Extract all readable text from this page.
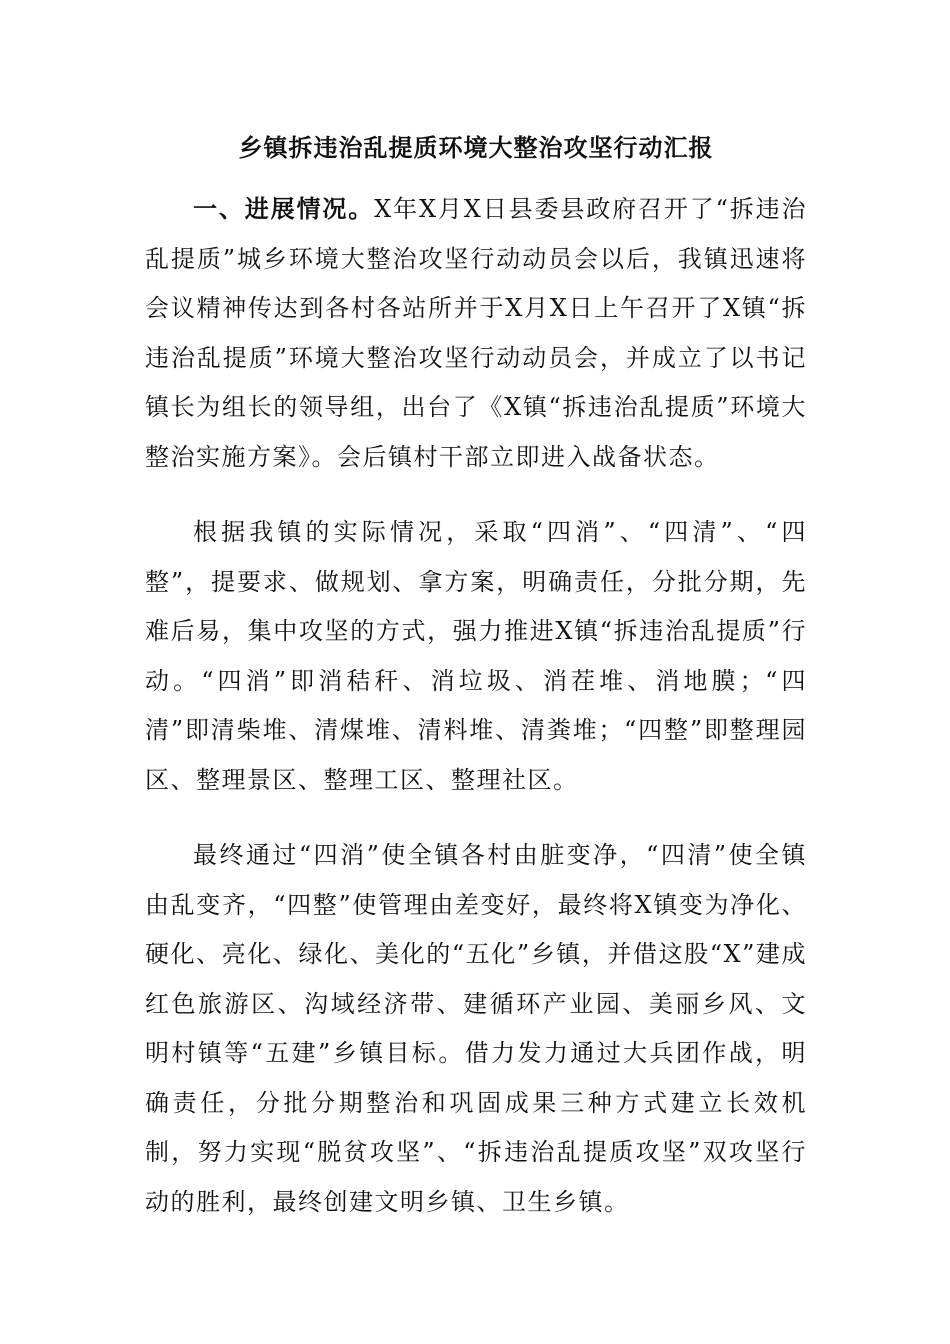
乡镇拆违治乱提质环境大整治攻坚行动汇报

一、进展情况。X年X月X日县委县政府召开了“拆违治乱提质”城乡环境大整治攻坚行动动员会以后，我镇迅速将会议精神传达到各村各站所并于X月X日上午召开了X镇“拆违治乱提质”环境大整治攻坚行动动员会，并成立了以书记镇长为组长的领导组，出台了《X镇“拆违治乱提质”环境大整治实施方案》。会后镇村干部立即进入战备状态。

根据我镇的实际情况，采取“四消”、“四清”、“四整”，提要求、做规划、拿方案，明确责任，分批分期，先难后易，集中攻坚的方式，强力推进X镇“拆违治乱提质”行动。“四消”即消秸秆、消垃圾、消茬堆、消地膜；“四清”即清柴堆、清煤堆、清料堆、清粪堆；“四整”即整理园区、整理景区、整理工区、整理社区。

最终通过“四消”使全镇各村由脏变净，“四清”使全镇由乱变齐，“四整”使管理由差变好，最终将X镇变为净化、硬化、亮化、绿化、美化的“五化”乡镇，并借这股“X”建成红色旅游区、沟域经济带、建循环产业园、美丽乡风、文明村镇等“五建”乡镇目标。借力发力通过大兵团作战，明确责任，分批分期整治和巩固成果三种方式建立长效机制，努力实现“脱贫攻坚”、“拆违治乱提质攻坚”双攻坚行动的胜利，最终创建文明乡镇、卫生乡镇。
